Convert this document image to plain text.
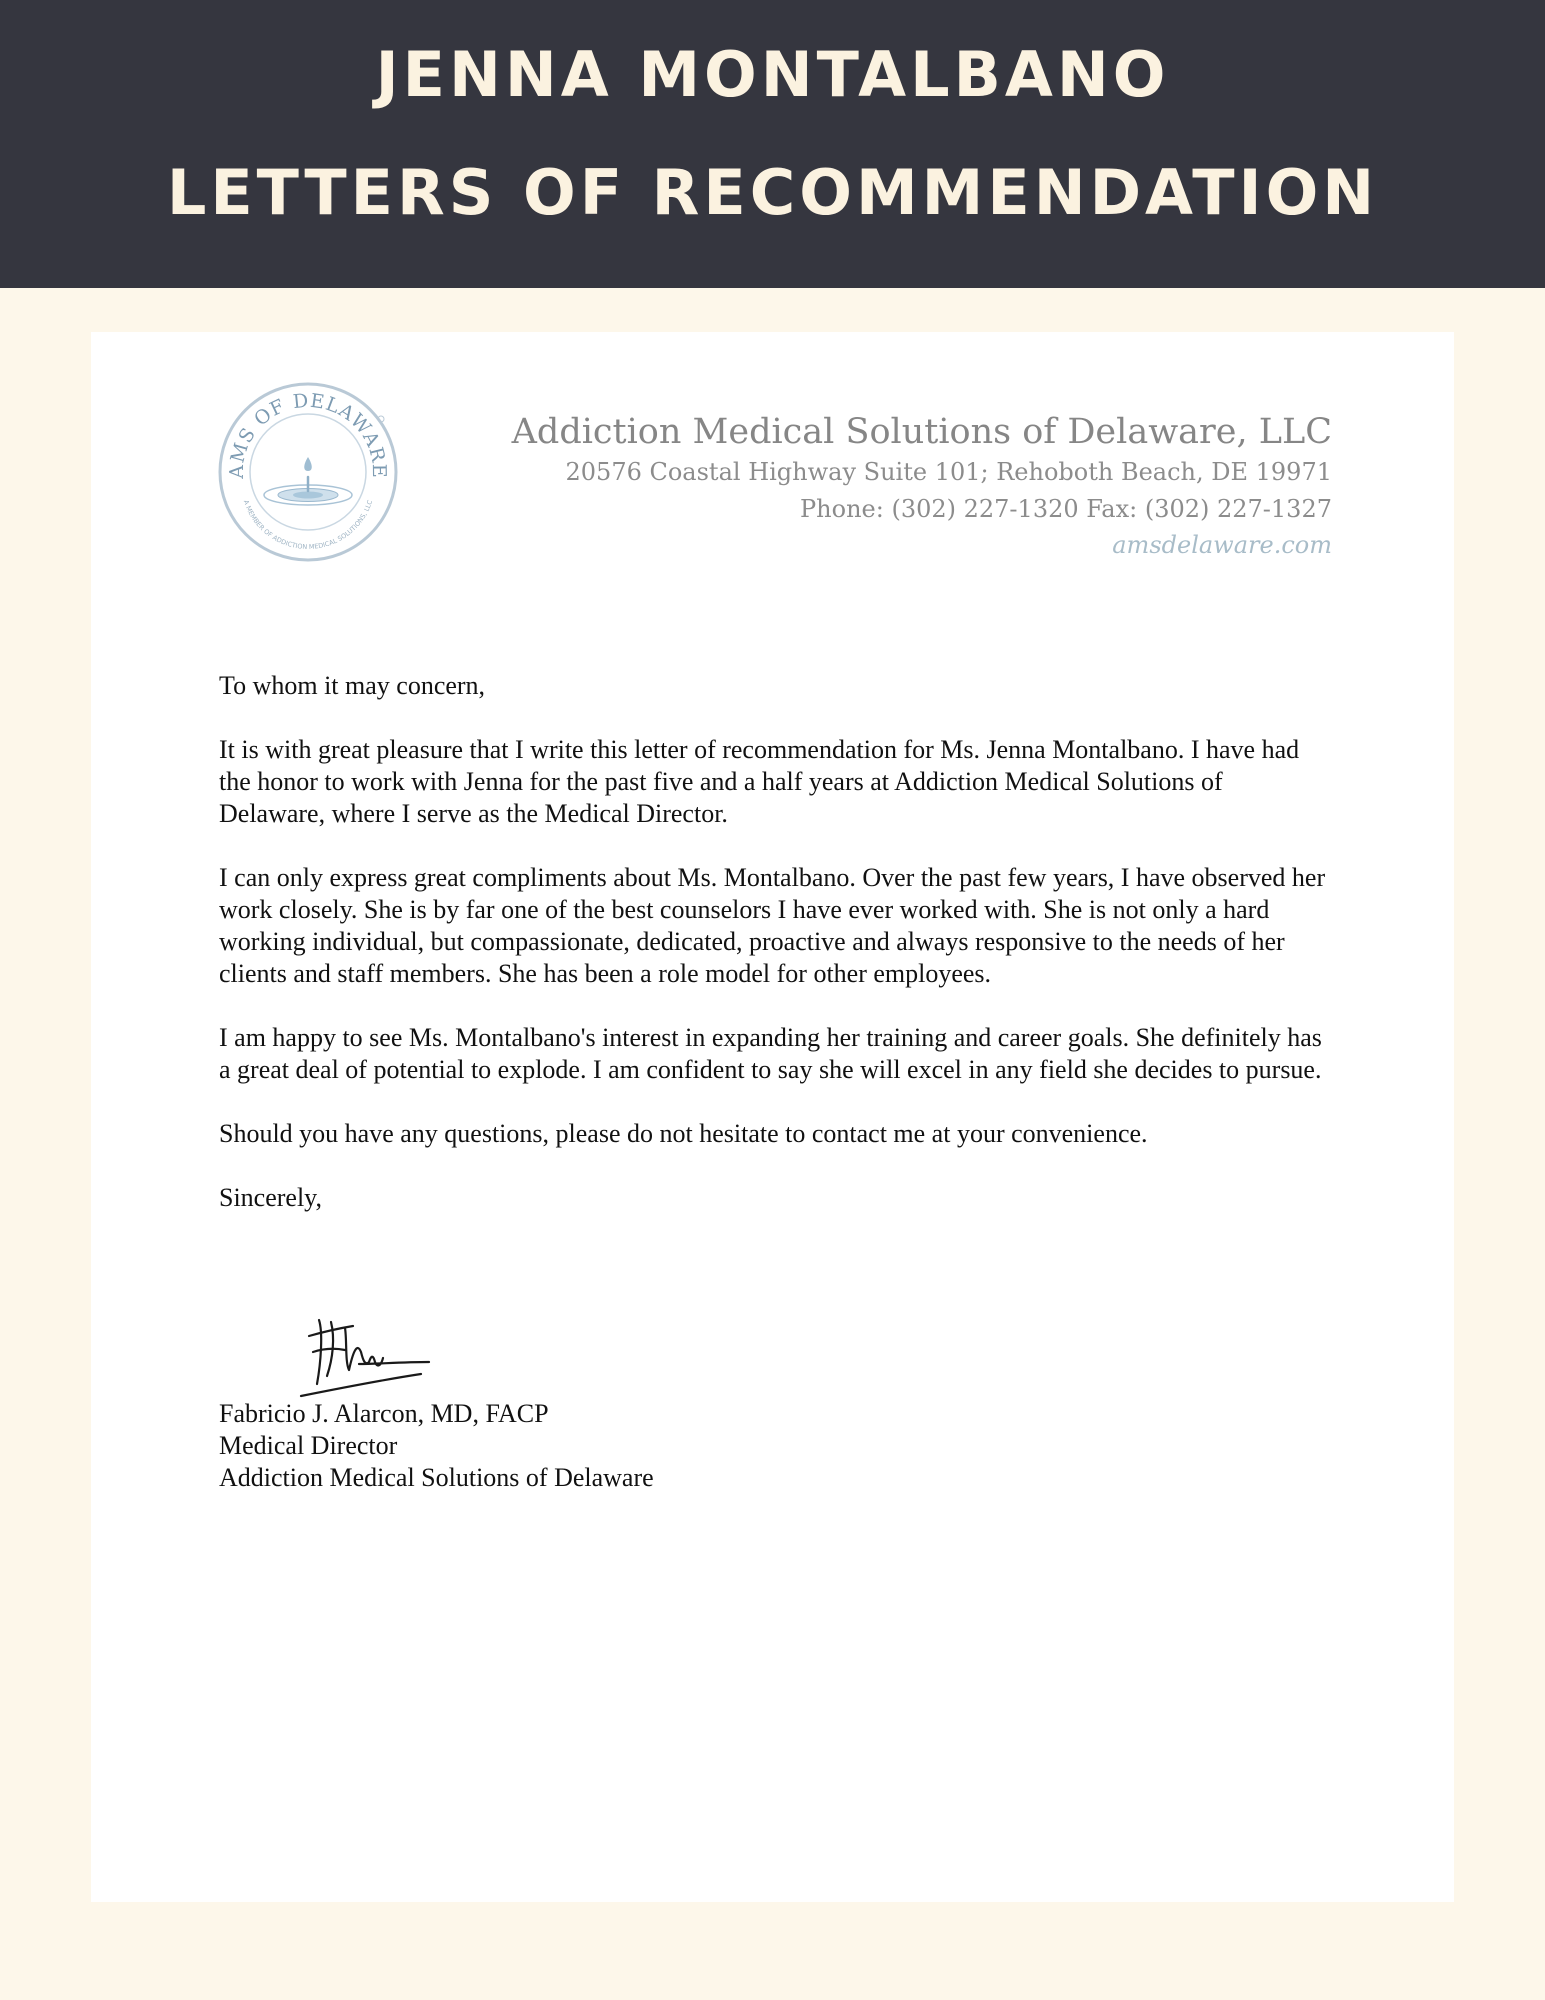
JENNA MONTALBANO
LETTERS OF RECOMMENDATION
AMS OF DELAWARE
A MEMBER OF ADDICTION MEDICAL SOLUTIONS, LLC
Addiction Medical Solutions of Delaware, LLC
20576 Coastal Highway Suite 101; Rehoboth Beach, DE 19971
Phone: (302) 227-1320 Fax: (302) 227-1327
amsdelaware.com

To whom it may concern,

It is with great pleasure that I write this letter of recommendation for Ms. Jenna Montalbano. I have had the honor to work with Jenna for the past five and a half years at Addiction Medical Solutions of Delaware, where I serve as the Medical Director.

I can only express great compliments about Ms. Montalbano. Over the past few years, I have observed her work closely. She is by far one of the best counselors I have ever worked with. She is not only a hard working individual, but compassionate, dedicated, proactive and always responsive to the needs of her clients and staff members. She has been a role model for other employees.

I am happy to see Ms. Montalbano's interest in expanding her training and career goals. She definitely has a great deal of potential to explode. I am confident to say she will excel in any field she decides to pursue.

Should you have any questions, please do not hesitate to contact me at your convenience.

Sincerely,

Fabricio J. Alarcon, MD, FACP
Medical Director
Addiction Medical Solutions of Delaware
